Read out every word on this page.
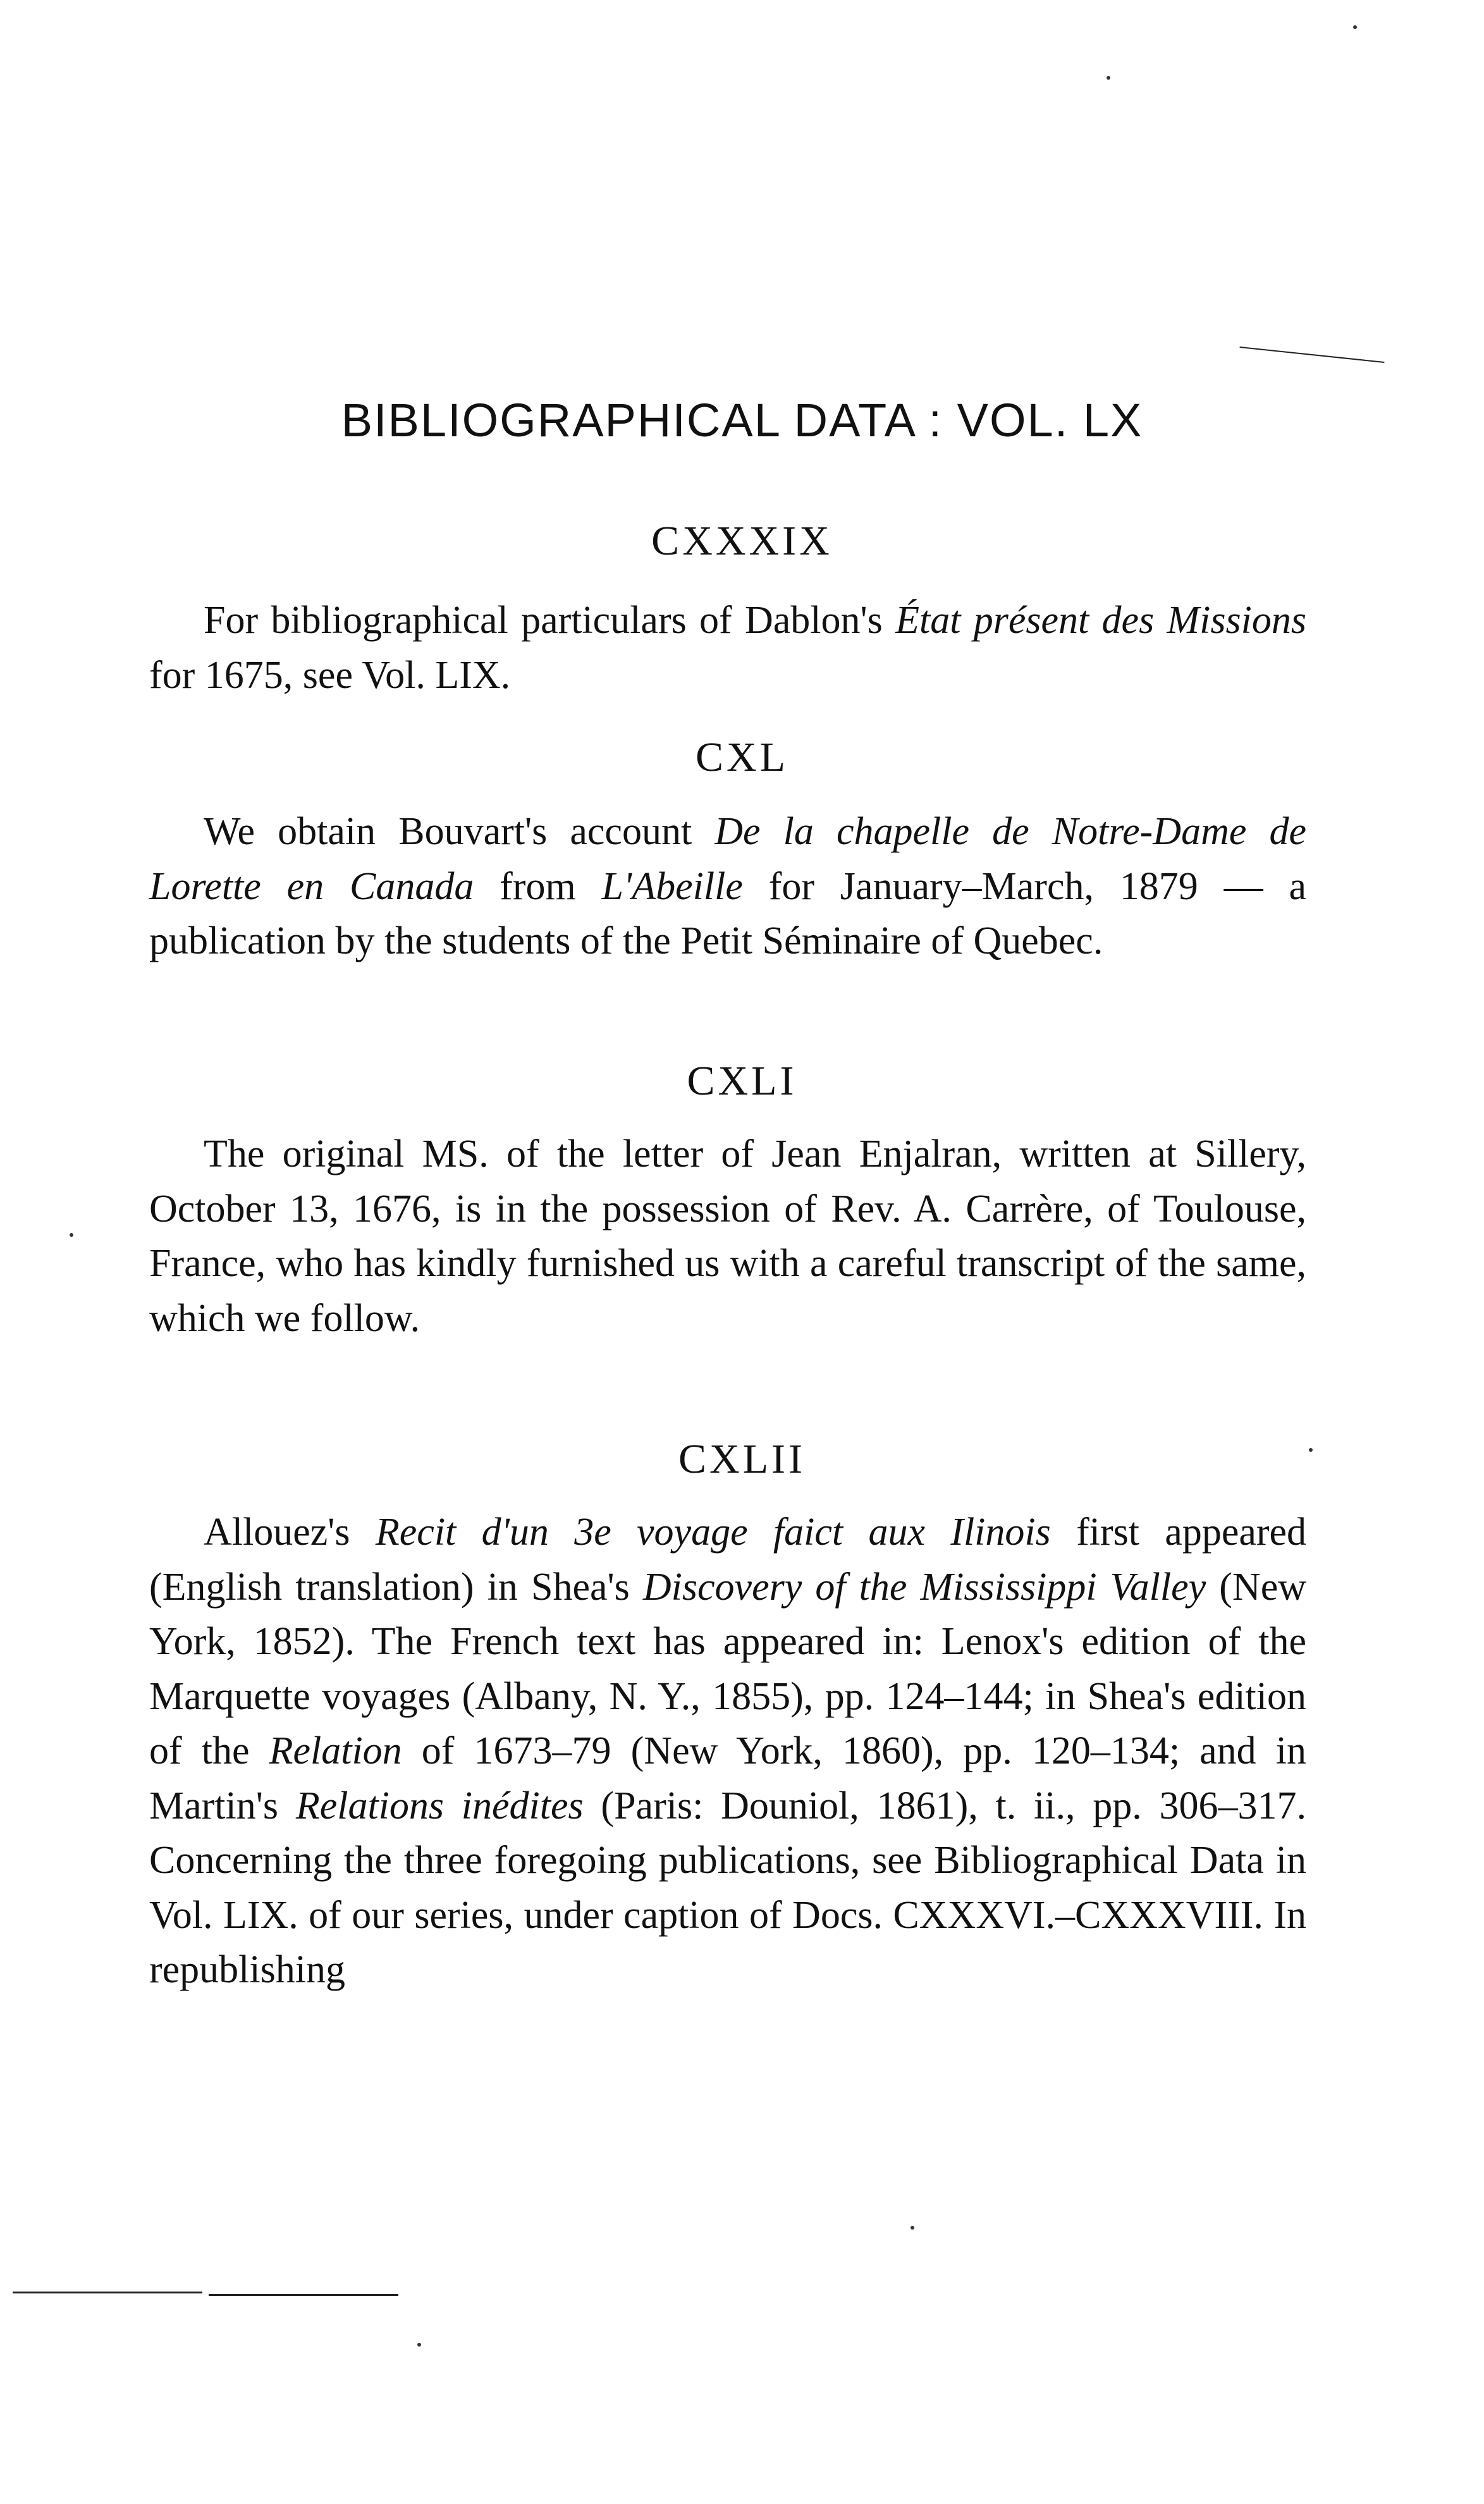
BIBLIOGRAPHICAL DATA : VOL. LX
CXXXIX

For bibliographical particulars of Dablon's État présent des Missions for 1675, see Vol. LIX.

CXL

We obtain Bouvart's account De la chapelle de Notre-Dame de Lorette en Canada from L'Abeille for January–March, 1879 — a publication by the students of the Petit Séminaire of Quebec.

CXLI

The original MS. of the letter of Jean Enjalran, written at Sillery, October 13, 1676, is in the possession of Rev. A. Carrère, of Toulouse, France, who has kindly furnished us with a careful transcript of the same, which we follow.

CXLII

Allouez's Recit d'un 3e voyage faict aux Ilinois first appeared (English translation) in Shea's Discovery of the Mississippi Valley (New York, 1852). The French text has appeared in: Lenox's edition of the Marquette voyages (Albany, N. Y., 1855), pp. 124–144; in Shea's edition of the Relation of 1673–79 (New York, 1860), pp. 120–134; and in Martin's Relations inédites (Paris: Douniol, 1861), t. ii., pp. 306–317. Concerning the three foregoing publications, see Bibliographical Data in Vol. LIX. of our series, under caption of Docs. CXXXVI.–CXXXVIII. In republishing
